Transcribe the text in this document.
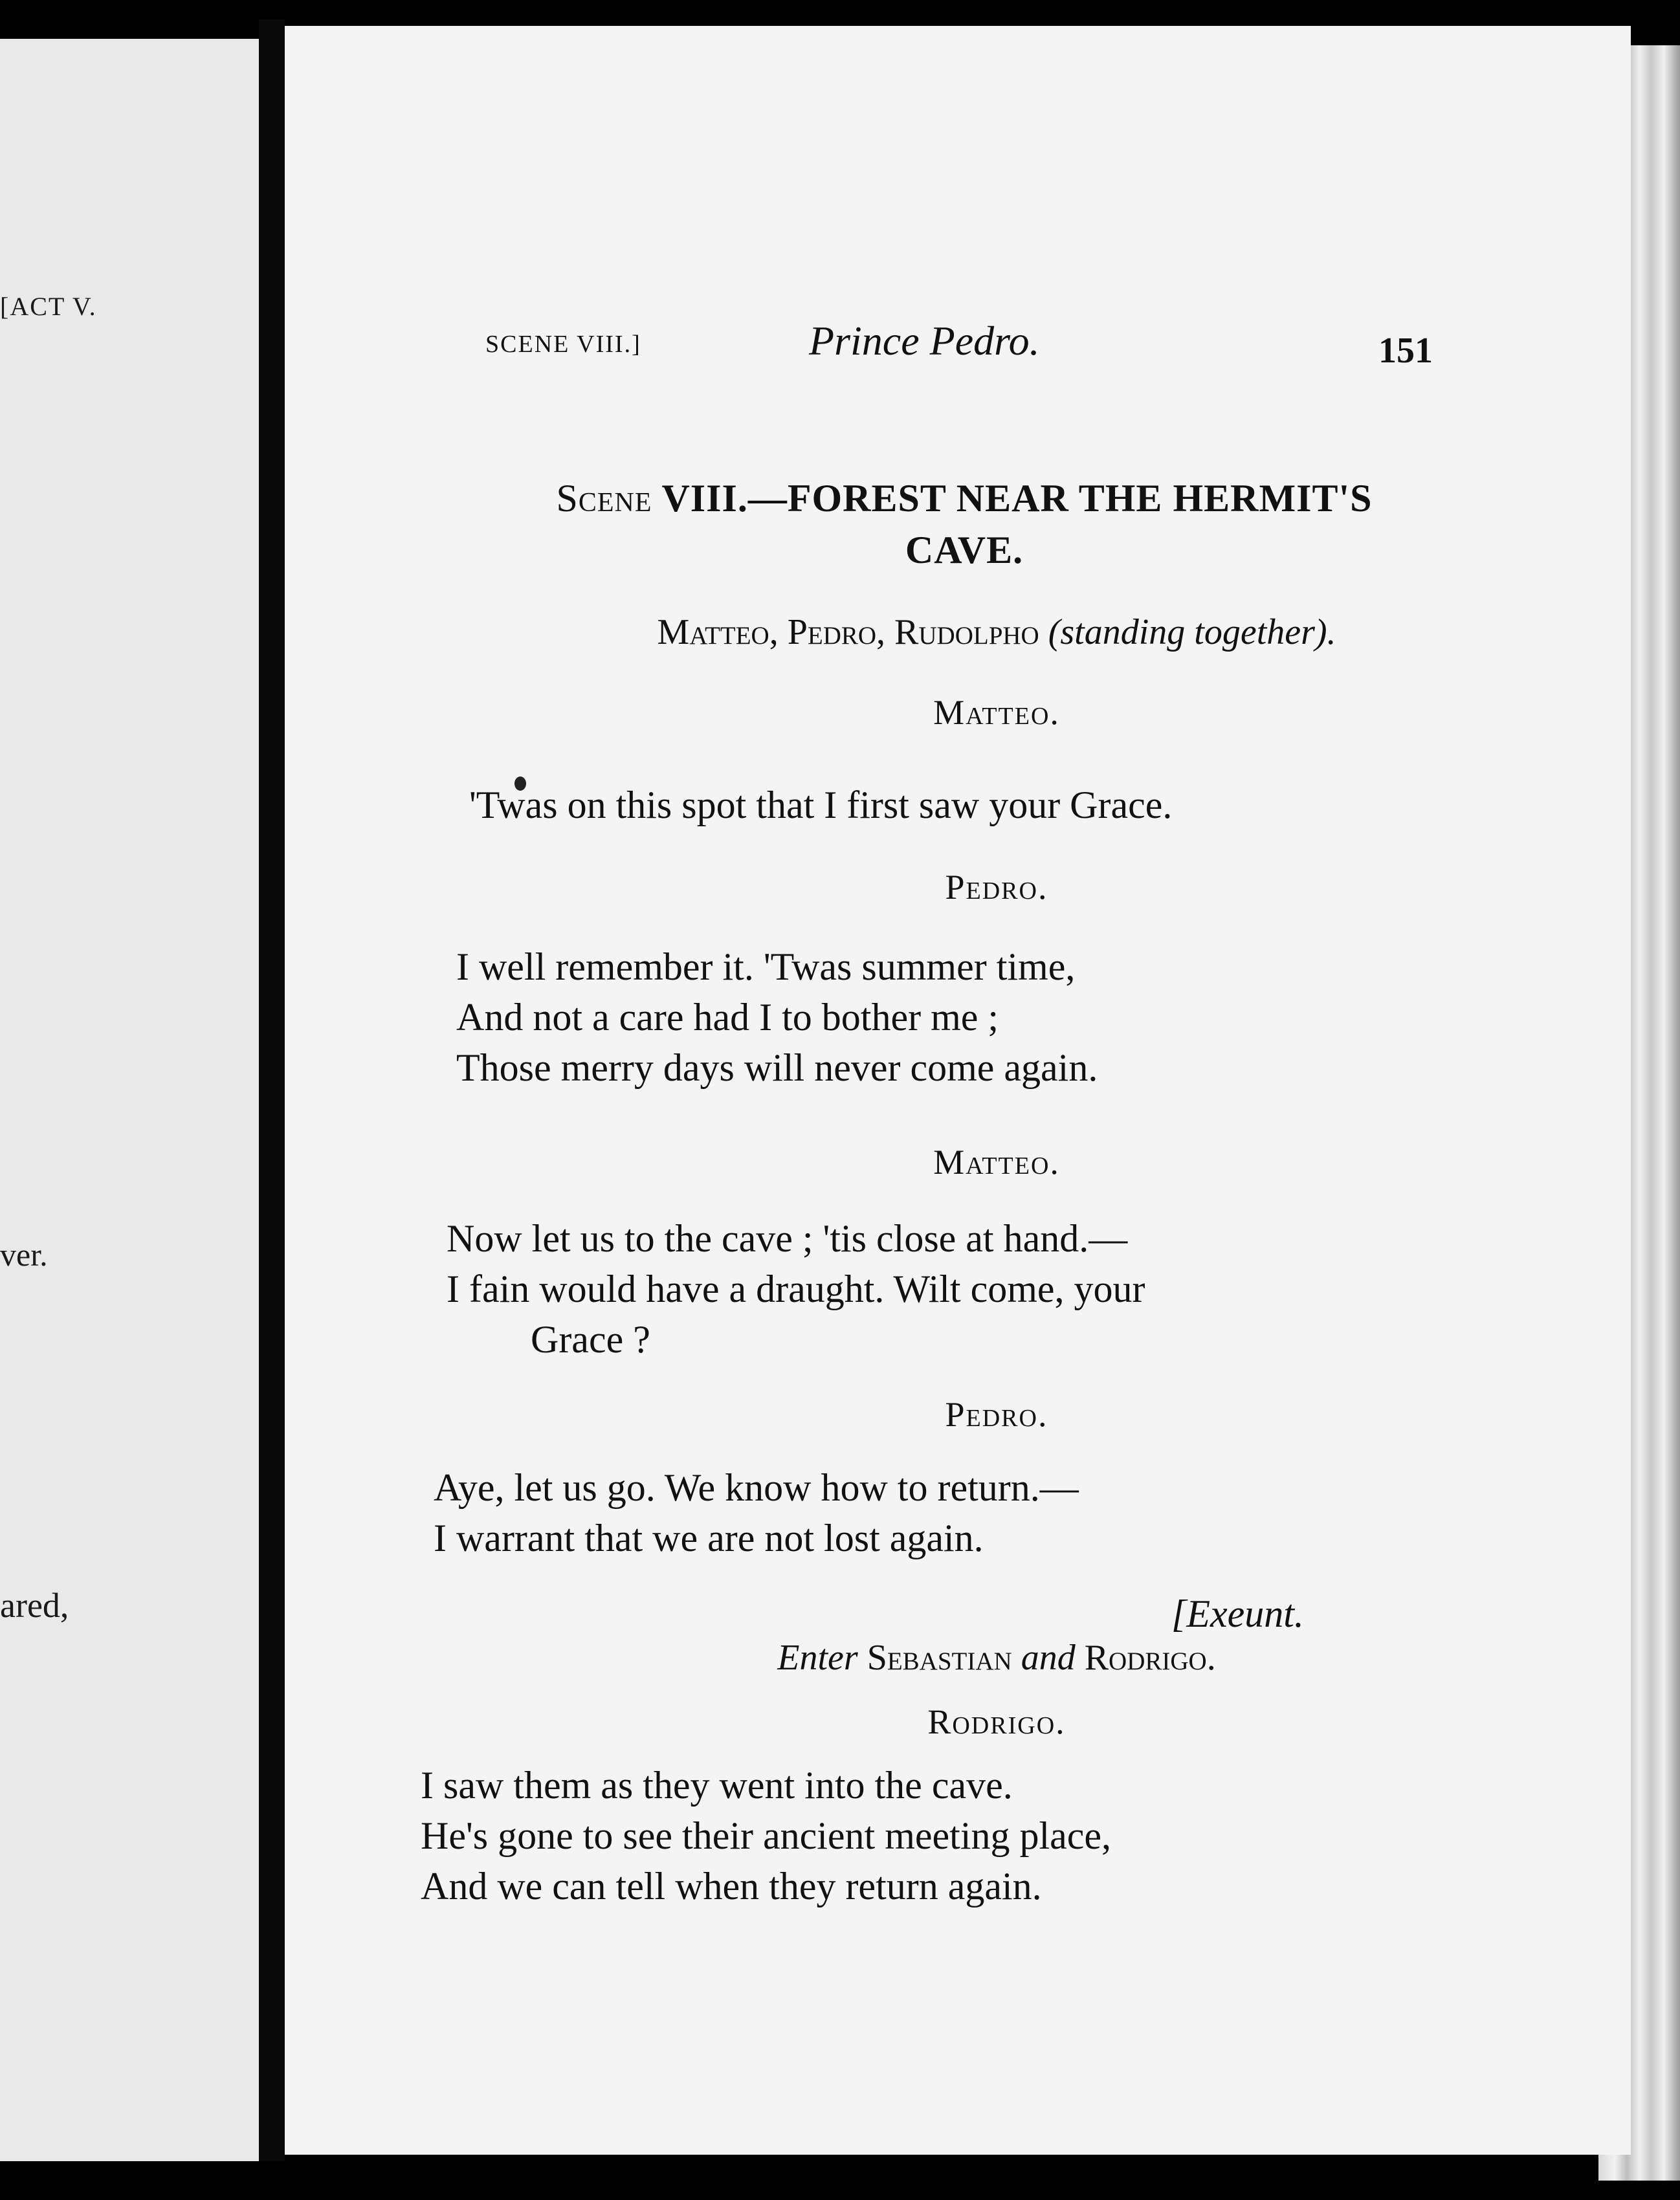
[ACT V.
ver.
ared,
SCENE VIII.]	Prince Pedro.	151
Scene VIII.—FOREST NEAR THE HERMIT'S
CAVE.
Matteo, Pedro, Rudolpho (standing together).
Matteo.
'Twas on this spot that I first saw your Grace.
Pedro.
I well remember it. 'Twas summer time,
And not a care had I to bother me ;
Those merry days will never come again.
Matteo.
Now let us to the cave ; 'tis close at hand.—
I fain would have a draught. Wilt come, your
Grace ?
Pedro.
Aye, let us go. We know how to return.—
I warrant that we are not lost again.
[Exeunt.
Enter Sebastian and Rodrigo.
Rodrigo.
I saw them as they went into the cave.
He's gone to see their ancient meeting place,
And we can tell when they return again.
